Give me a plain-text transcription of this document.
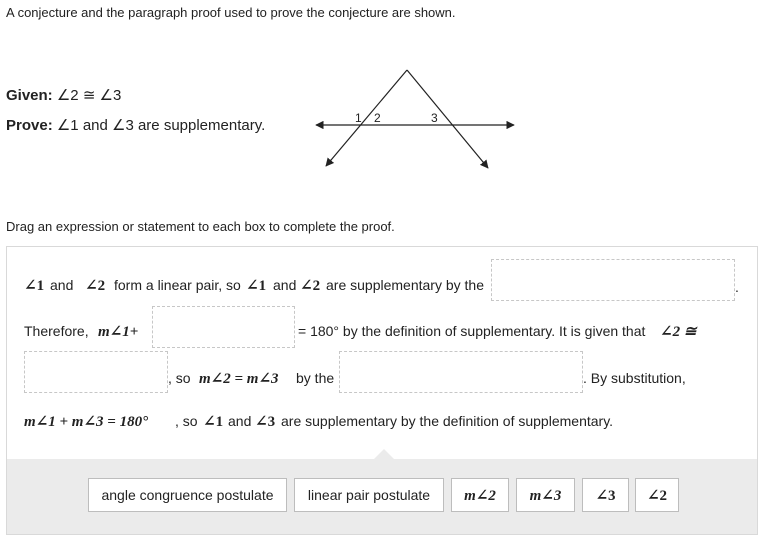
A conjecture and the paragraph proof used to prove the conjecture are shown.
Given: ∠2 ≅ ∠3
Prove: ∠1 and ∠3 are supplementary.	1 2	3
Drag an expression or statement to each box to complete the proof.
∠1 and ∠2 form a linear pair, so ∠1 and ∠2 are supplementary by the	.
Therefore, m∠1+	= 180° by the definition of supplementary. It is given that ∠2 ≅
, so m∠2 = m∠3 by the	. By substitution,
m∠1 + m∠3 = 180° , so ∠1 and ∠3 are supplementary by the definition of supplementary.
angle congruence postulate linear pair postulate m∠2 m∠3 ∠3 ∠2
